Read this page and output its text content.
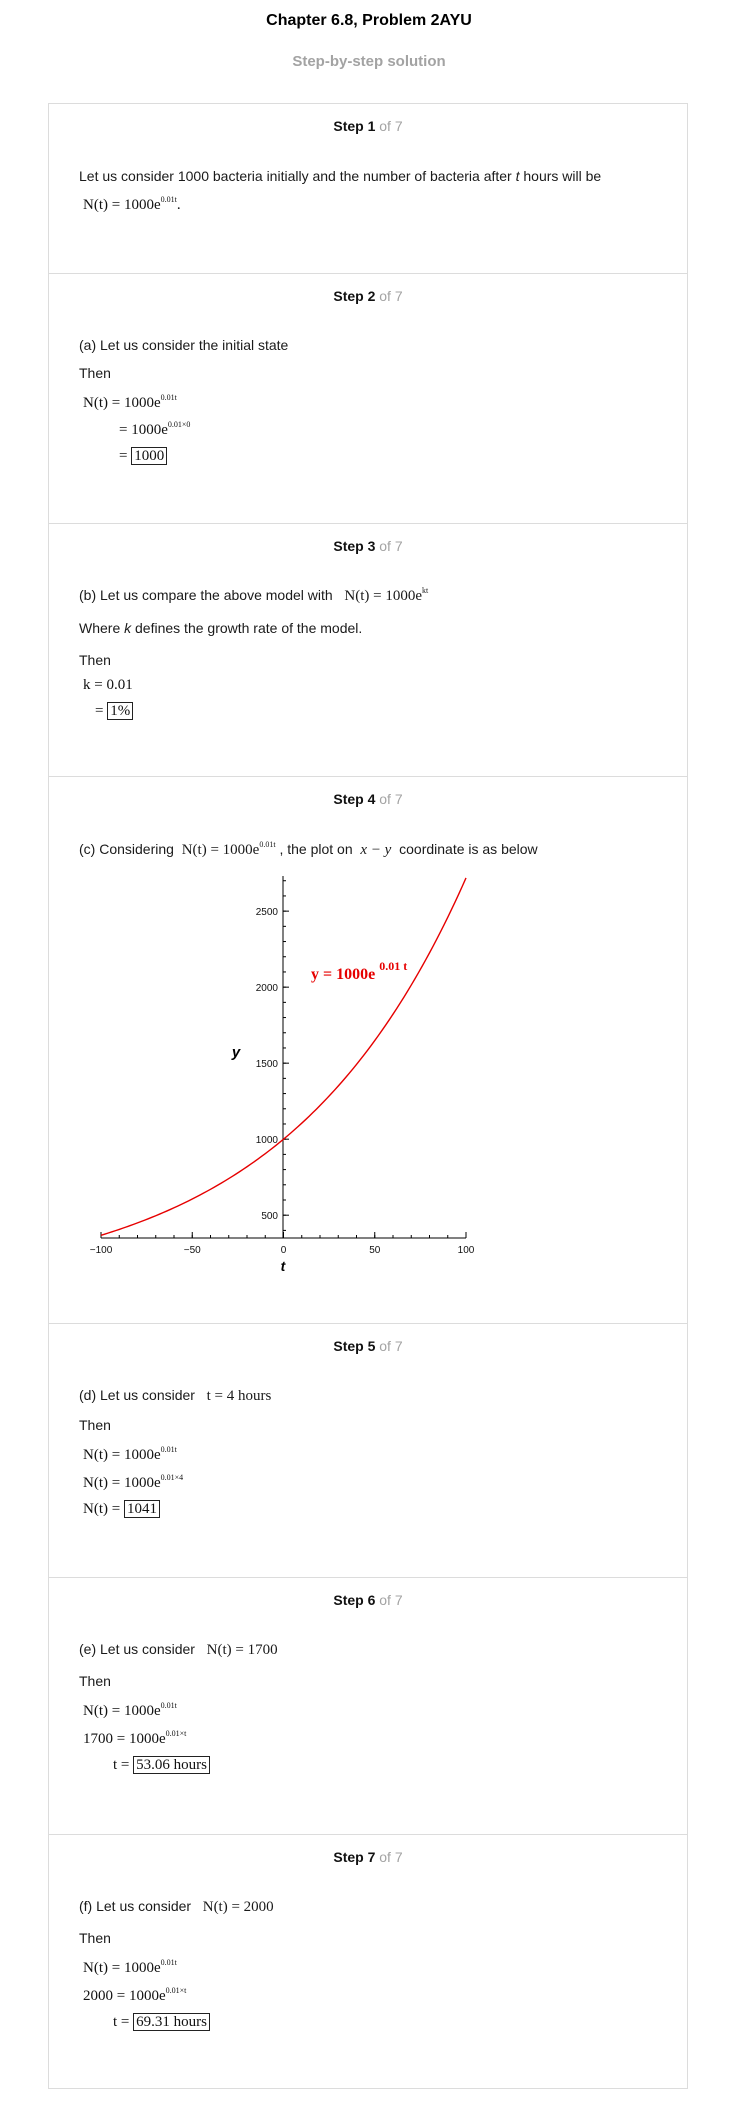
Chapter 6.8, Problem 2AYU
Step-by-step solution
Step 1 of 7
Let us consider 1000 bacteria initially and the number of bacteria after t hours will be
$N(t) = 1000e^{0.01t}$.
Step 2 of 7
(a) Let us consider the initial state
Then
$N(t) = 1000e^{0.01t}$
= $1000e^{0.01\times 0}$
= 1000
Step 3 of 7
(b) Let us compare the above model with $N(t) = 1000e^{kt}$
Where k defines the growth rate of the model.
Then
k = 0.01
= 1%
Step 4 of 7
(c) Considering $N(t) = 1000e^{0.01t}$ , the plot on x − y coordinate is as below
−100	−50	0	50	100
500
1000
1500
2000
2500
t
y
y = 1000e $^{0.01 t}$
Step 5 of 7
(d) Let us consider t = 4 hours
Then
$N(t) = 1000e^{0.01t}$
$N(t) = 1000e^{0.01\times 4}$
N(t) = 1041
Step 6 of 7
(e) Let us consider N(t) = 1700
Then
$N(t) = 1000e^{0.01t}$
$1700 = 1000e^{0.01\times t}$
t = 53.06 hours
Step 7 of 7
(f) Let us consider N(t) = 2000
Then
$N(t) = 1000e^{0.01t}$
$2000 = 1000e^{0.01\times t}$
t = 69.31 hours
